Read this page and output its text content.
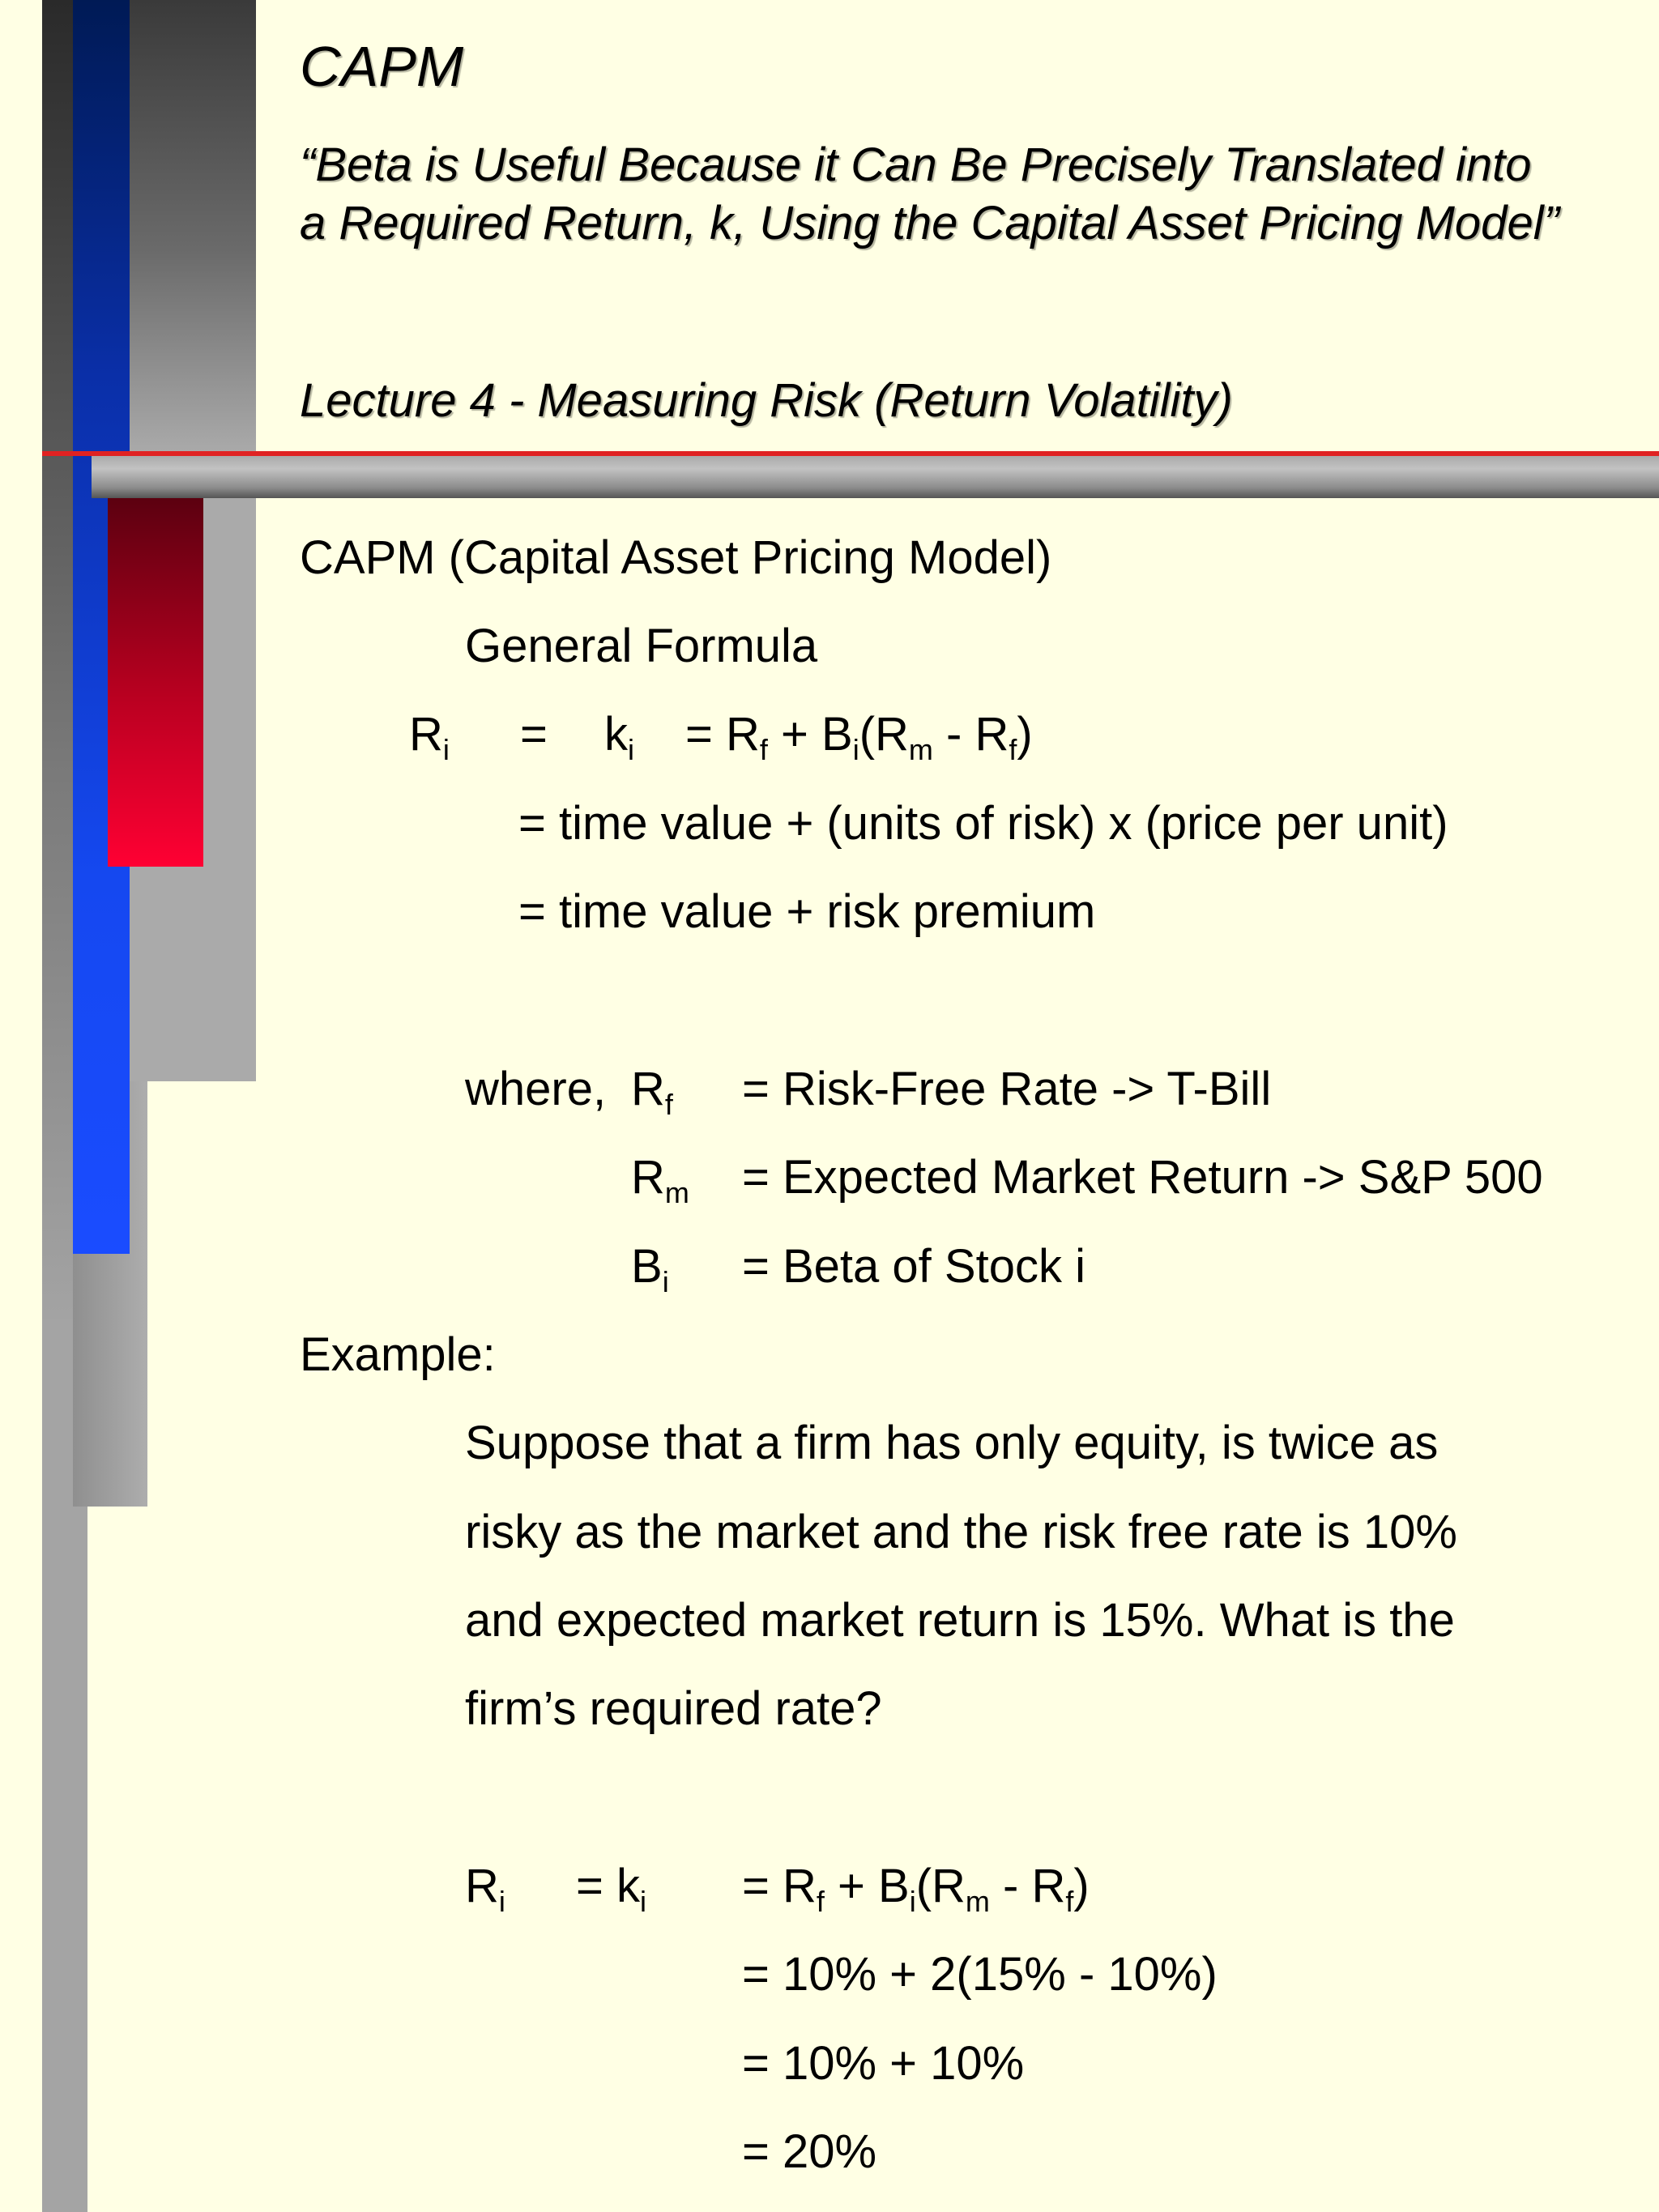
CAPM
“Beta is Useful Because it Can Be Precisely Translated into
a Required Return, k, Using the Capital Asset Pricing Model”
Lecture 4 - Measuring Risk (Return Volatility)
CAPM (Capital Asset Pricing Model)
General Formula
$R_i = k_i = R_f + B_i(R_m - R_f)$
= time value + (units of risk) x (price per unit)
= time value + risk premium
where, $R_f$ = Risk-Free Rate -> T-Bill
$R_m$ = Expected Market Return -> S&P 500
$B_i$ = Beta of Stock i
Example:
Suppose that a firm has only equity, is twice as
risky as the market and the risk free rate is 10%
and expected market return is 15%. What is the
firm’s required rate?
$R_i = k_i = R_f + B_i(R_m - R_f)$
= 10% + 2(15% - 10%)
= 10% + 10%
= 20%
